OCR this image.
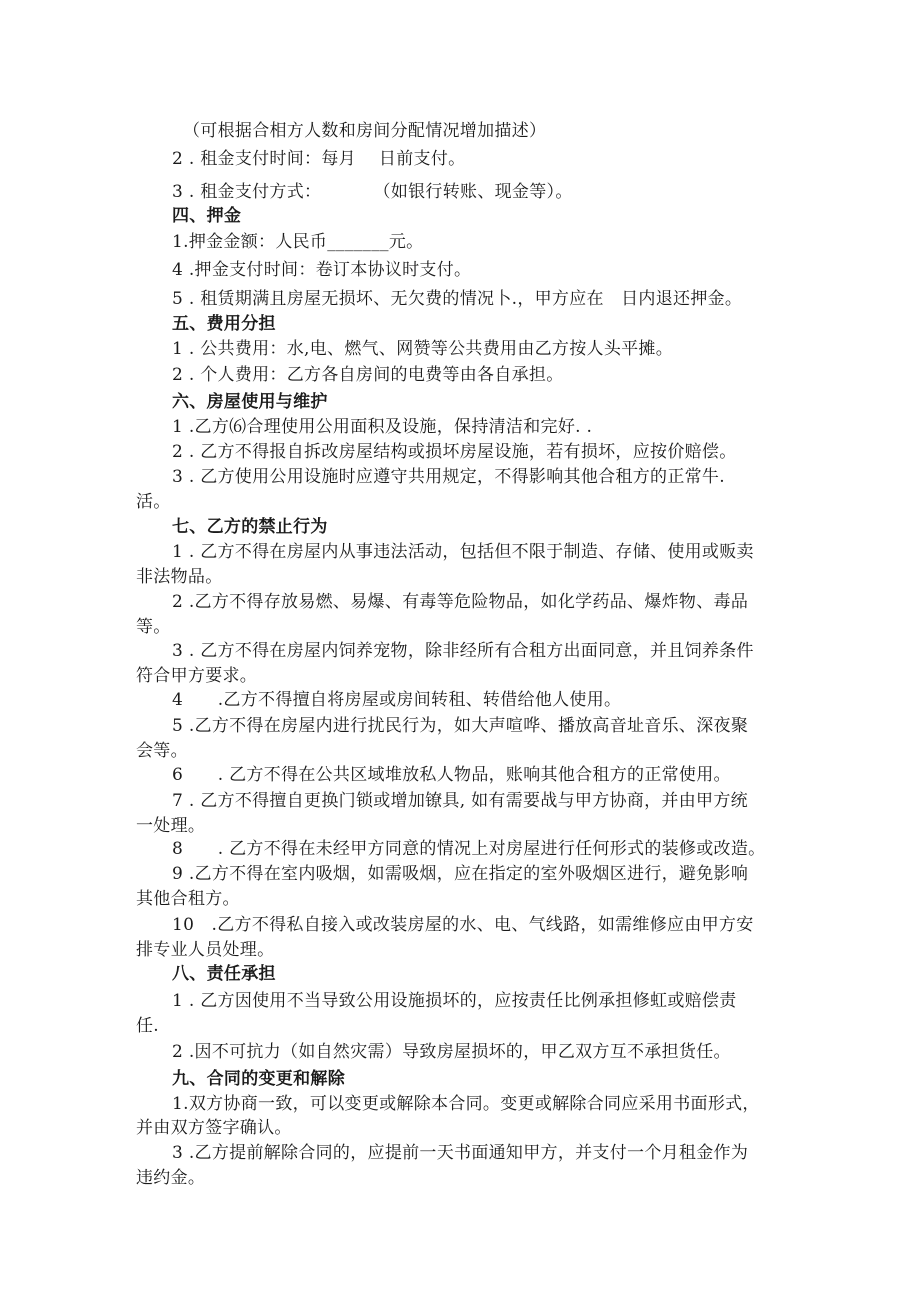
（可根据合相方人数和房间分配情况增加描述）
2 . 租金支付时间：每月　 日前支付。
3 . 租金支付方式：　　　　（如银行转账、现金等）。
四、押金
1.押金金额：人民币_______元。
4 .押金支付时间：卷订本协议时支付。
5 . 租赁期满且房屋无损坏、无欠费的情况卜.，甲方应在　日内退还押金。
五、费用分担
1 . 公共费用：水,电、燃气、网赞等公共费用由乙方按人头平摊。
2 . 个人费用：乙方各自房间的电费等由各自承担。
六、房屋使用与维护
1 .乙方⑹合理使用公用面积及设施，保持清洁和完好. .
2 . 乙方不得报自拆改房屋结构或损坏房屋设施，若有损坏，应按价赔偿。
3 . 乙方使用公用设施时应遵守共用规定，不得影响其他合租方的正常牛.
活。
七、乙方的禁止行为
1 . 乙方不得在房屋内从事违法活动，包括但不限于制造、存储、使用或贩卖
非法物品。
2 .乙方不得存放易燃、易爆、有毒等危险物品，如化学药品、爆炸物、毒品
等。
3 . 乙方不得在房屋内饲养宠物，除非经所有合租方出面同意，并且饲养条件
符合甲方要求。
4　　.乙方不得擅自将房屋或房间转租、转借给他人使用。
5 .乙方不得在房屋内进行扰民行为，如大声喧哗、播放高音址音乐、深夜聚
会等。
6　　. 乙方不得在公共区域堆放私人物品，账响其他合租方的正常使用。
7 . 乙方不得擅自更换门锁或增加镣具, 如有需要战与甲方协商，并由甲方统
一处理。
8　　. 乙方不得在未经甲方同意的情况上对房屋进行任何形式的装修或改造。
9 .乙方不得在室内吸烟，如需吸烟，应在指定的室外吸烟区进行，避免影响
其他合租方。
10　.乙方不得私自接入或改装房屋的水、电、气线路，如需维修应由甲方安
排专业人员处理。
八、责任承担
1 . 乙方因使用不当导致公用设施损坏的，应按责任比例承担修虹或赔偿责
任.
2 .因不可抗力（如自然灾需）导致房屋损坏的，甲乙双方互不承担货任。
九、合同的变更和解除
1.双方协商一致，可以变更或解除本合同。变更或解除合同应采用书面形式，
并由双方签字确认。
3 .乙方提前解除合同的，应提前一天书面通知甲方，并支付一个月租金作为
违约金。
